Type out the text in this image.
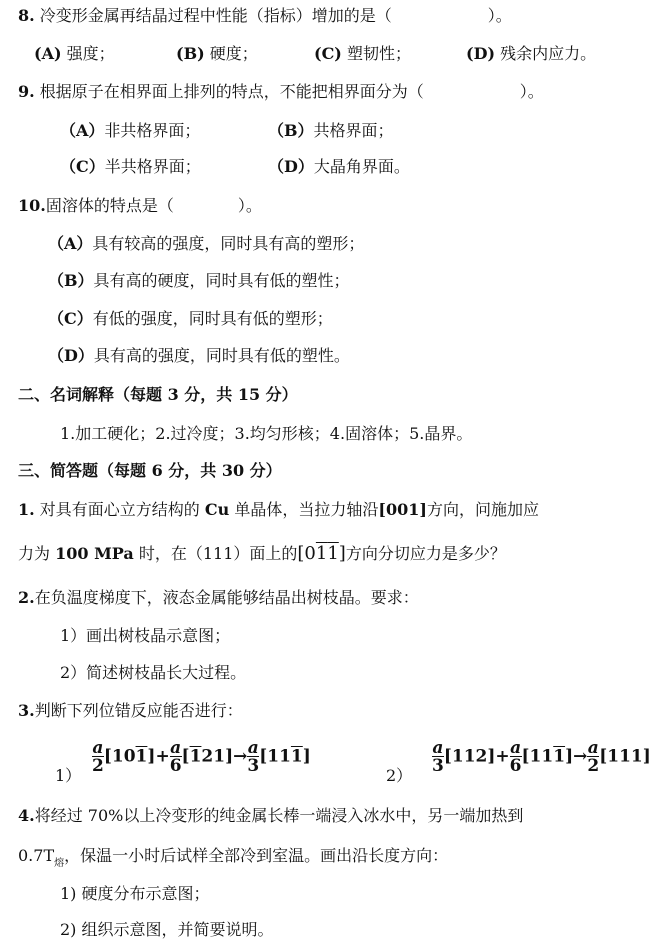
8. 冷变形金属再结晶过程中性能（指标）增加的是（　　　　　　）。
(A) 强度；	(B) 硬度；	(C) 塑韧性；	(D) 残余内应力。
9. 根据原子在相界面上排列的特点，不能把相界面分为（　　　　　　）。
（A）非共格界面；	（B）共格界面；
（C）半共格界面；	（D）大晶角界面。
10.固溶体的特点是（　　　　）。
（A）具有较高的强度，同时具有高的塑形；
（B）具有高的硬度，同时具有低的塑性；
（C）有低的强度，同时具有低的塑形；
（D）具有高的强度，同时具有低的塑性。
二、名词解释（每题 3 分，共 15 分）
1.加工硬化；2.过冷度；3.均匀形核；4.固溶体；5.晶界。
三、简答题（每题 6 分，共 30 分）
1. 对具有面心立方结构的 Cu 单晶体，当拉力轴沿[001]方向，问施加应
力为 100 MPa 时，在（111）面上的[011]方向分切应力是多少？
2.在负温度梯度下，液态金属能够结晶出树枝晶。要求：
1）画出树枝晶示意图；
2）简述树枝晶长大过程。
3.判断下列位错反应能否进行：
1）
$\frac{a}{2} [101]+ \frac{a}{6} [121]\to \frac{a}{3} [111]$
2）
$\frac{a}{3} [112]+ \frac{a}{6} [111]\to \frac{a}{2} [111]$
4.将经过 70%以上冷变形的纯金属长棒一端浸入冰水中，另一端加热到
$0.7T_熔$，保温一小时后试样全部冷到室温。画出沿长度方向：
1) 硬度分布示意图；
2) 组织示意图，并简要说明。
